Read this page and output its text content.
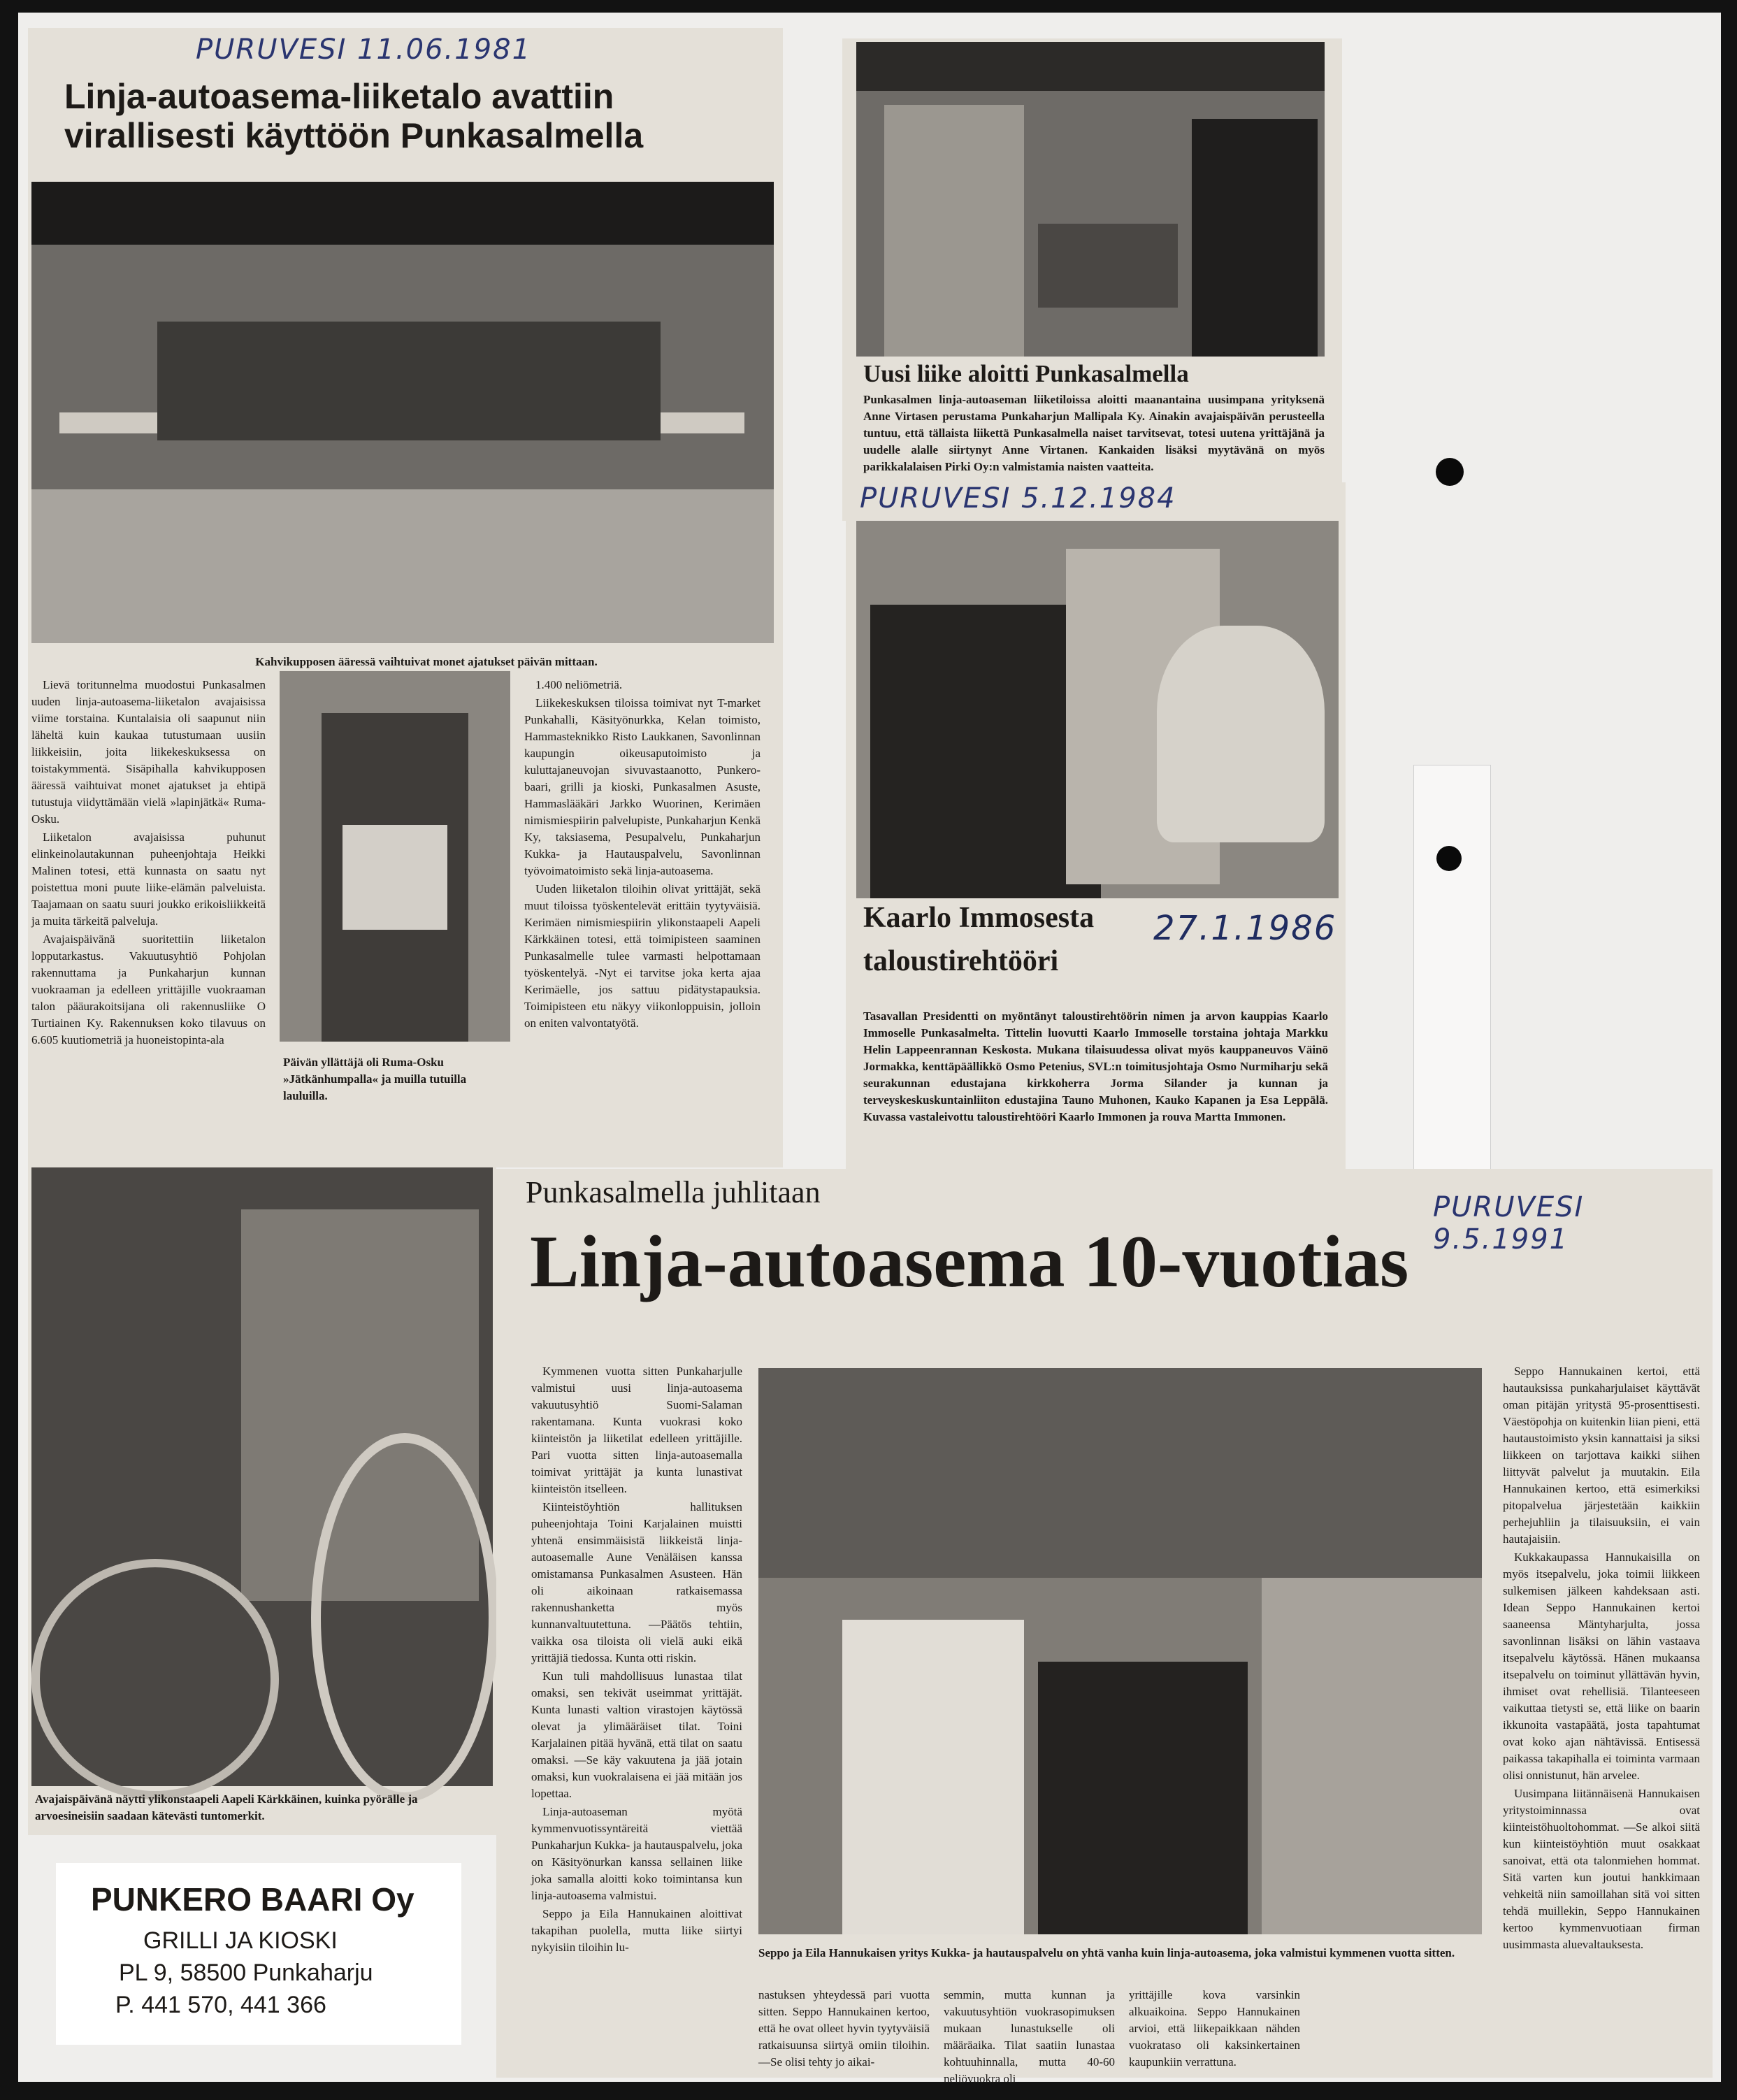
PURUVESI 11.06.1981
Linja-autoasema-liiketalo avattiin virallisesti käyttöön Punkasalmella
Kahvikupposen ääressä vaihtuivat monet ajatukset päivän mittaan.

Lievä toritunnelma muodostui Punkasalmen uuden linja-autoasema-liiketalon avajaisissa viime torstaina. Kuntalaisia oli saapunut niin läheltä kuin kaukaa tutustumaan uusiin liikkeisiin, joita liikekeskuksessa on toistakymmentä. Sisäpihalla kahvikupposen ääressä vaihtuivat monet ajatukset ja ehtipä tutustuja viidyttämään vielä »lapinjätkä« Ruma-Osku.

Liiketalon avajaisissa puhunut elinkeinolautakunnan puheenjohtaja Heikki Malinen totesi, että kunnasta on saatu nyt poistettua moni puute liike-elämän palveluista. Taajamaan on saatu suuri joukko erikoisliikkeitä ja muita tärkeitä palveluja.

Avajaispäivänä suoritettiin liiketalon lopputarkastus. Vakuutusyhtiö Pohjolan rakennuttama ja Punkaharjun kunnan vuokraaman ja edelleen yrittäjille vuokraaman talon pääurakoitsijana oli rakennusliike O Turtiainen Ky. Rakennuksen koko tilavuus on 6.605 kuutiometriä ja huoneistopinta-ala

Päivän yllättäjä oli Ruma-Osku »Jätkänhumpalla« ja muilla tutuilla lauluilla.

1.400 neliömetriä.

Liikekeskuksen tiloissa toimivat nyt T-market Punkahalli, Käsityönurkka, Kelan toimisto, Hammasteknikko Risto Laukkanen, Savonlinnan kaupungin oikeusaputoimisto ja kuluttajaneuvojan sivuvastaanotto, Punkero-baari, grilli ja kioski, Punkasalmen Asuste, Hammaslääkäri Jarkko Wuorinen, Kerimäen nimismiespiirin palvelupiste, Punkaharjun Kenkä Ky, taksiasema, Pesupalvelu, Punkaharjun Kukka- ja Hautauspalvelu, Savonlinnan työvoimatoimisto sekä linja-autoasema.

Uuden liiketalon tiloihin olivat yrittäjät, sekä muut tiloissa työskentelevät erittäin tyytyväisiä. Kerimäen nimismiespiirin ylikonstaapeli Aapeli Kärkkäinen totesi, että toimipisteen saaminen Punkasalmelle tulee varmasti helpottamaan työskentelyä. -Nyt ei tarvitse joka kerta ajaa Kerimäelle, jos sattuu pidätystapauksia. Toimipisteen etu näkyy viikonloppuisin, jolloin on eniten valvontatyötä.

Avajaispäivänä näytti ylikonstaapeli Aapeli Kärkkäinen, kuinka pyörälle ja arvoesineisiin saadaan kätevästi tuntomerkit.
PUNKERO BAARI Oy
GRILLI JA KIOSKI
PL 9, 58500 Punkaharju
P. 441 570, 441 366
Uusi liike aloitti Punkasalmella
Punkasalmen linja-autoaseman liiketiloissa aloitti maanantaina uusimpana yrityksenä Anne Virtasen perustama Punkaharjun Mallipala Ky. Ainakin avajaispäivän perusteella tuntuu, että tällaista liikettä Punkasalmella naiset tarvitsevat, totesi uutena yrittäjänä ja uudelle alalle siirtynyt Anne Virtanen. Kankaiden lisäksi myytävänä on myös parikkalalaisen Pirki Oy:n valmistamia naisten vaatteita.
PURUVESI 5.12.1984
27.1.1986
Kaarlo Immosesta
taloustirehtööri
Tasavallan Presidentti on myöntänyt taloustirehtöörin nimen ja arvon kauppias Kaarlo Immoselle Punkasalmelta. Tittelin luovutti Kaarlo Immoselle torstaina johtaja Markku Helin Lappeenrannan Keskosta. Mukana tilaisuudessa olivat myös kauppaneuvos Väinö Jormakka, kenttäpäällikkö Osmo Petenius, SVL:n toimitusjohtaja Osmo Nurmiharju sekä seurakunnan edustajana kirkkoherra Jorma Silander ja kunnan ja terveyskeskuskuntainliiton edustajina Tauno Muhonen, Kauko Kapanen ja Esa Leppälä. Kuvassa vastaleivottu taloustirehtööri Kaarlo Immonen ja rouva Martta Immonen.
Punkasalmella juhlitaan	PURUVESI 9.5.1991
Linja-autoasema 10-vuotias

Kymmenen vuotta sitten Punkaharjulle valmistui uusi linja-autoasema vakuutusyhtiö Suomi-Salaman rakentamana. Kunta vuokrasi koko kiinteistön ja liiketilat edelleen yrittäjille. Pari vuotta sitten linja-autoasemalla toimivat yrittäjät ja kunta lunastivat kiinteistön itselleen.

Kiinteistöyhtiön hallituksen puheenjohtaja Toini Karjalainen muistti yhtenä ensimmäisistä liikkeistä linja-autoasemalle Aune Venäläisen kanssa omistamansa Punkasalmen Asusteen. Hän oli aikoinaan ratkaisemassa rakennushanketta myös kunnanvaltuutettuna. —Päätös tehtiin, vaikka osa tiloista oli vielä auki eikä yrittäjiä tiedossa. Kunta otti riskin.

Kun tuli mahdollisuus lunastaa tilat omaksi, sen tekivät useimmat yrittäjät. Kunta lunasti valtion virastojen käytössä olevat ja ylimääräiset tilat. Toini Karjalainen pitää hyvänä, että tilat on saatu omaksi. —Se käy vakuutena ja jää jotain omaksi, kun vuokralaisena ei jää mitään jos lopettaa.

Linja-autoaseman myötä kymmenvuotissyntäreitä viettää Punkaharjun Kukka- ja hautauspalvelu, joka on Käsityönurkan kanssa sellainen liike joka samalla aloitti koko toimintansa kun linja-autoasema valmistui.

Seppo ja Eila Hannukainen aloittivat takapihan puolella, mutta liike siirtyi nykyisiin tiloihin lu-	Seppo ja Eila Hannukaisen yritys Kukka- ja hautauspalvelu on yhtä vanha kuin linja-autoasema, joka valmistui kymmenen vuotta sitten.
nastuksen yhteydessä pari vuotta sitten. Seppo Hannukainen kertoo, että he ovat olleet hyvin tyytyväisiä ratkaisuunsa siirtyä omiin tiloihin. —Se olisi tehty jo aikai-
semmin, mutta kunnan ja vakuutusyhtiön vuokrasopimuksen mukaan lunastukselle oli määräaika. Tilat saatiin lunastaa kohtuuhinnalla, mutta 40-60 neliövuokra oli
yrittäjille kova varsinkin alkuaikoina. Seppo Hannukainen arvioi, että liikepaikkaan nähden vuokrataso oli kaksinkertainen kaupunkiin verrattuna.

Seppo Hannukainen kertoi, että hautauksissa punkaharjulaiset käyttävät oman pitäjän yritystä 95-prosenttisesti. Väestöpohja on kuitenkin liian pieni, että hautaustoimisto yksin kannattaisi ja siksi liikkeen on tarjottava kaikki siihen liittyvät palvelut ja muutakin. Eila Hannukainen kertoo, että esimerkiksi pitopalvelua järjestetään kaikkiin perhejuhliin ja tilaisuuksiin, ei vain hautajaisiin.

Kukkakaupassa Hannukaisilla on myös itsepalvelu, joka toimii liikkeen sulkemisen jälkeen kahdeksaan asti. Idean Seppo Hannukainen kertoi saaneensa Mäntyharjulta, jossa savonlinnan lisäksi on lähin vastaava itsepalvelu käytössä. Hänen mukaansa itsepalvelu on toiminut yllättävän hyvin, ihmiset ovat rehellisiä. Tilanteeseen vaikuttaa tietysti se, että liike on baarin ikkunoita vastapäätä, josta tapahtumat ovat koko ajan nähtävissä. Entisessä paikassa takapihalla ei toiminta varmaan olisi onnistunut, hän arvelee.

Uusimpana liitännäisenä Hannukaisen yritystoiminnassa ovat kiinteistöhuoltohommat. —Se alkoi siitä kun kiinteistöyhtiön muut osakkaat sanoivat, että ota talonmiehen hommat. Sitä varten kun joutui hankkimaan vehkeitä niin samoillahan sitä voi sitten tehdä muillekin, Seppo Hannukainen kertoo kymmenvuotiaan firman uusimmasta aluevaltauksesta.
